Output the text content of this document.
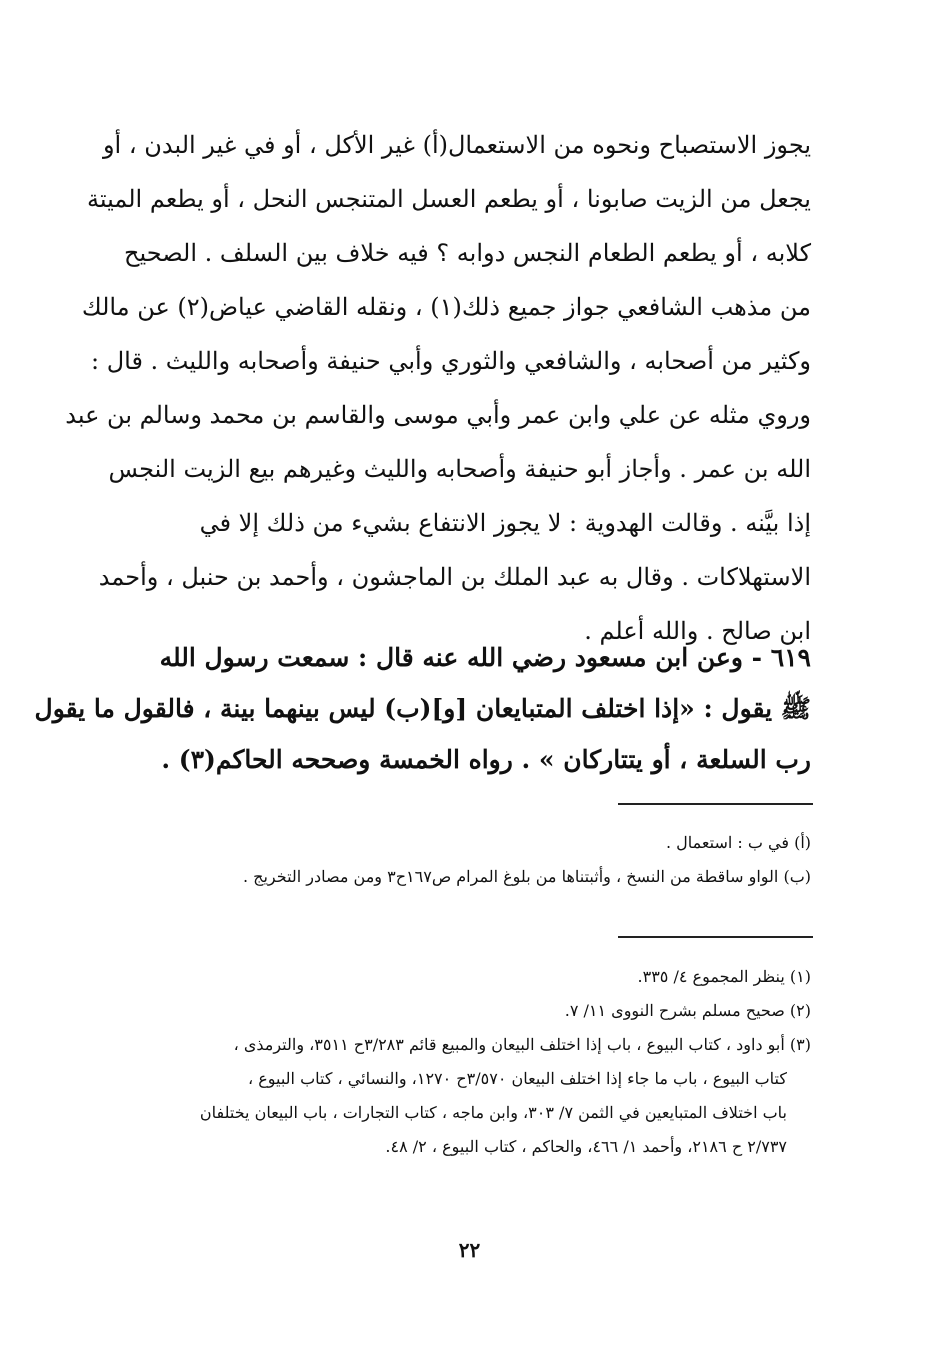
يجوز الاستصباح ونحوه من الاستعمال(أ) غير الأكل ، أو في غير البدن ، أو
يجعل من الزيت صابونا ، أو يطعم العسل المتنجس النحل ، أو يطعم الميتة
كلابه ، أو يطعم الطعام النجس دوابه ؟ فيه خلاف بين السلف . الصحيح
من مذهب الشافعي جواز جميع ذلك(١) ، ونقله القاضي عياض(٢) عن مالك
وكثير من أصحابه ، والشافعي والثوري وأبي حنيفة وأصحابه والليث . قال :
وروي مثله عن علي وابن عمر وأبي موسى والقاسم بن محمد وسالم بن عبد
الله بن عمر . وأجاز أبو حنيفة وأصحابه والليث وغيرهم بيع الزيت النجس
إذا بيَّنه . وقالت الهدوية : لا يجوز الانتفاع بشيء من ذلك إلا في
الاستهلاكات . وقال به عبد الملك بن الماجشون ، وأحمد بن حنبل ، وأحمد
ابن صالح . والله أعلم .
٦١٩ - وعن ابن مسعود رضي الله عنه قال : سمعت رسول الله
ﷺ يقول : «إذا اختلف المتبايعان [و](ب) ليس بينهما بينة ، فالقول ما يقول
رب السلعة ، أو يتتاركان » . رواه الخمسة وصححه الحاكم(٣) .
(أ) في ب : استعمال .
(ب) الواو ساقطة من النسخ ، وأثبتناها من بلوغ المرام ص١٦٧ح٣ ومن مصادر التخريج .
(١) ينظر المجموع ٤/ ٣٣٥.
(٢) صحيح مسلم بشرح النووى ١١/ ٧.
(٣) أبو داود ، كتاب البيوع ، باب إذا اختلف البيعان والمبيع قائم ٣/٢٨٣ح ٣٥١١، والترمذى ،
كتاب البيوع ، باب ما جاء إذا اختلف البيعان ٣/٥٧٠ح ١٢٧٠، والنسائي ، كتاب البيوع ،
باب اختلاف المتبايعين في الثمن ٧/ ٣٠٣، وابن ماجه ، كتاب التجارات ، باب البيعان يختلفان
٢/٧٣٧ ح ٢١٨٦، وأحمد ١/ ٤٦٦، والحاكم ، كتاب البيوع ، ٢/ ٤٨.
٢٢
